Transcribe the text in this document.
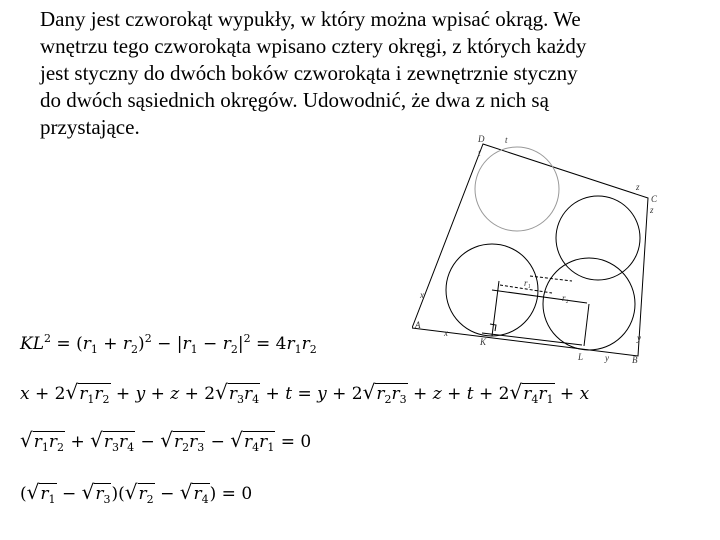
Dany jest czworokąt wypukły, w który można wpisać okrąg. We
wnętrzu tego czworokąta wpisano cztery okręgi, z których każdy
jest styczny do dwóch boków czworokąta i zewnętrznie styczny
do dwóch sąsiednich okręgów. Udowodnić, że dwa z nich są
przystające.	D t
t
z
C
z
x
A
x
K
L
y
y	B
r₁
r₂
$KL^2 = (r_1 + r_2)^2 - |r_1 - r_2|^2 = 4r_1r_2$
$x + 2√r_1r_2 + y + z + 2√r_3r_4 + t = y + 2√r_2r_3 + z + t + 2√r_4r_1 + x$
$√r_1r_2 + √r_3r_4 - √r_2r_3 - √r_4r_1 = 0$
$(√r_1 - √r_3)(√r_2 - √r_4) = 0$
